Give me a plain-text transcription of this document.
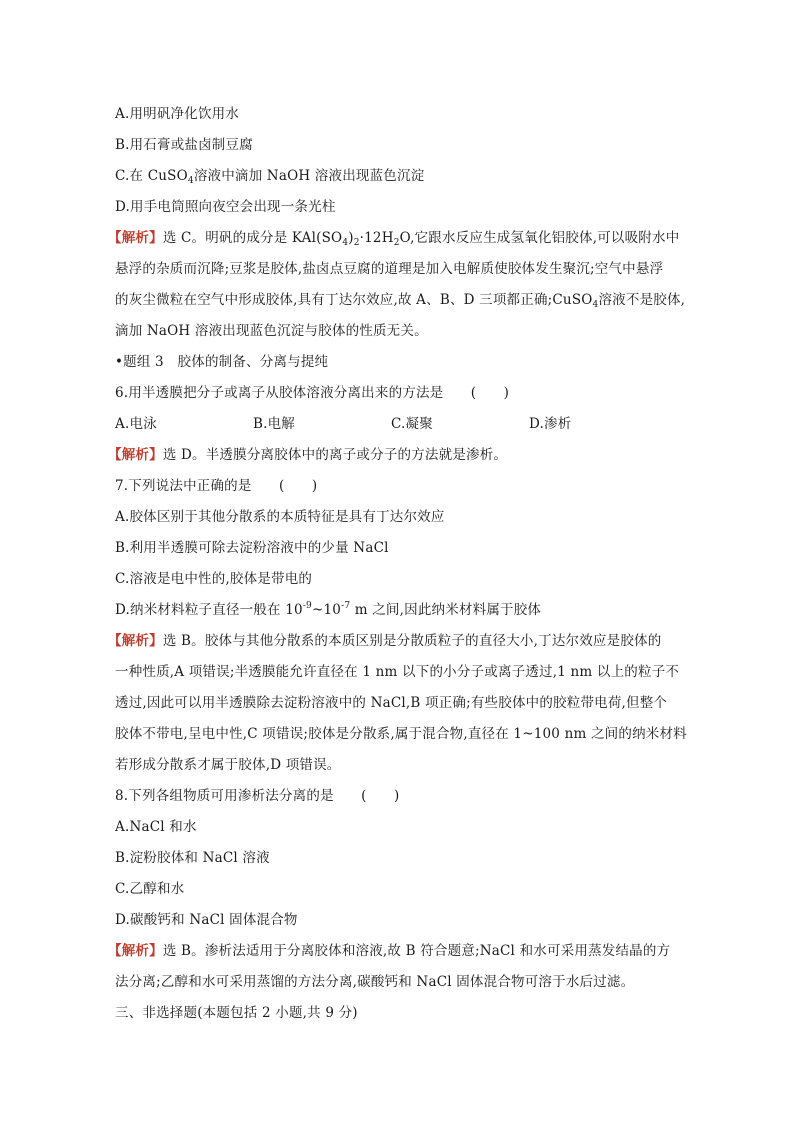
A.用明矾净化饮用水
B.用石膏或盐卤制豆腐
C.在 CuSO$_4$溶液中滴加 NaOH 溶液出现蓝色沉淀
D.用手电筒照向夜空会出现一条光柱
【解析】选 C。明矾的成分是 $KAl(SO_4)_2\cdot 12H_2O$,它跟水反应生成氢氧化铝胶体,可以吸附水中
悬浮的杂质而沉降;豆浆是胶体,盐卤点豆腐的道理是加入电解质使胶体发生聚沉;空气中悬浮
的灰尘微粒在空气中形成胶体,具有丁达尔效应,故 A、B、D 三项都正确;CuSO$_4$溶液不是胶体,
滴加 NaOH 溶液出现蓝色沉淀与胶体的性质无关。
•题组 3　胶体的制备、分离与提纯
6.用半透膜把分子或离子从胶体溶液分离出来的方法是　　(　　)
A.电泳	B.电解	C.凝聚	D.渗析
【解析】选 D。半透膜分离胶体中的离子或分子的方法就是渗析。
7.下列说法中正确的是　　(　　)
A.胶体区别于其他分散系的本质特征是具有丁达尔效应
B.利用半透膜可除去淀粉溶液中的少量 NaCl
C.溶液是电中性的,胶体是带电的
D.纳米材料粒子直径一般在 $10^{-9}\sim 10^{-7}$ m 之间,因此纳米材料属于胶体
【解析】选 B。胶体与其他分散系的本质区别是分散质粒子的直径大小,丁达尔效应是胶体的
一种性质,A 项错误;半透膜能允许直径在 1 nm 以下的小分子或离子透过,1 nm 以上的粒子不
透过,因此可以用半透膜除去淀粉溶液中的 NaCl,B 项正确;有些胶体中的胶粒带电荷,但整个
胶体不带电,呈电中性,C 项错误;胶体是分散系,属于混合物,直径在 1~100 nm 之间的纳米材料
若形成分散系才属于胶体,D 项错误。
8.下列各组物质可用渗析法分离的是　　(　　)
A.NaCl 和水
B.淀粉胶体和 NaCl 溶液
C.乙醇和水
D.碳酸钙和 NaCl 固体混合物
【解析】选 B。渗析法适用于分离胶体和溶液,故 B 符合题意;NaCl 和水可采用蒸发结晶的方
法分离;乙醇和水可采用蒸馏的方法分离,碳酸钙和 NaCl 固体混合物可溶于水后过滤。
三、非选择题(本题包括 2 小题,共 9 分)
